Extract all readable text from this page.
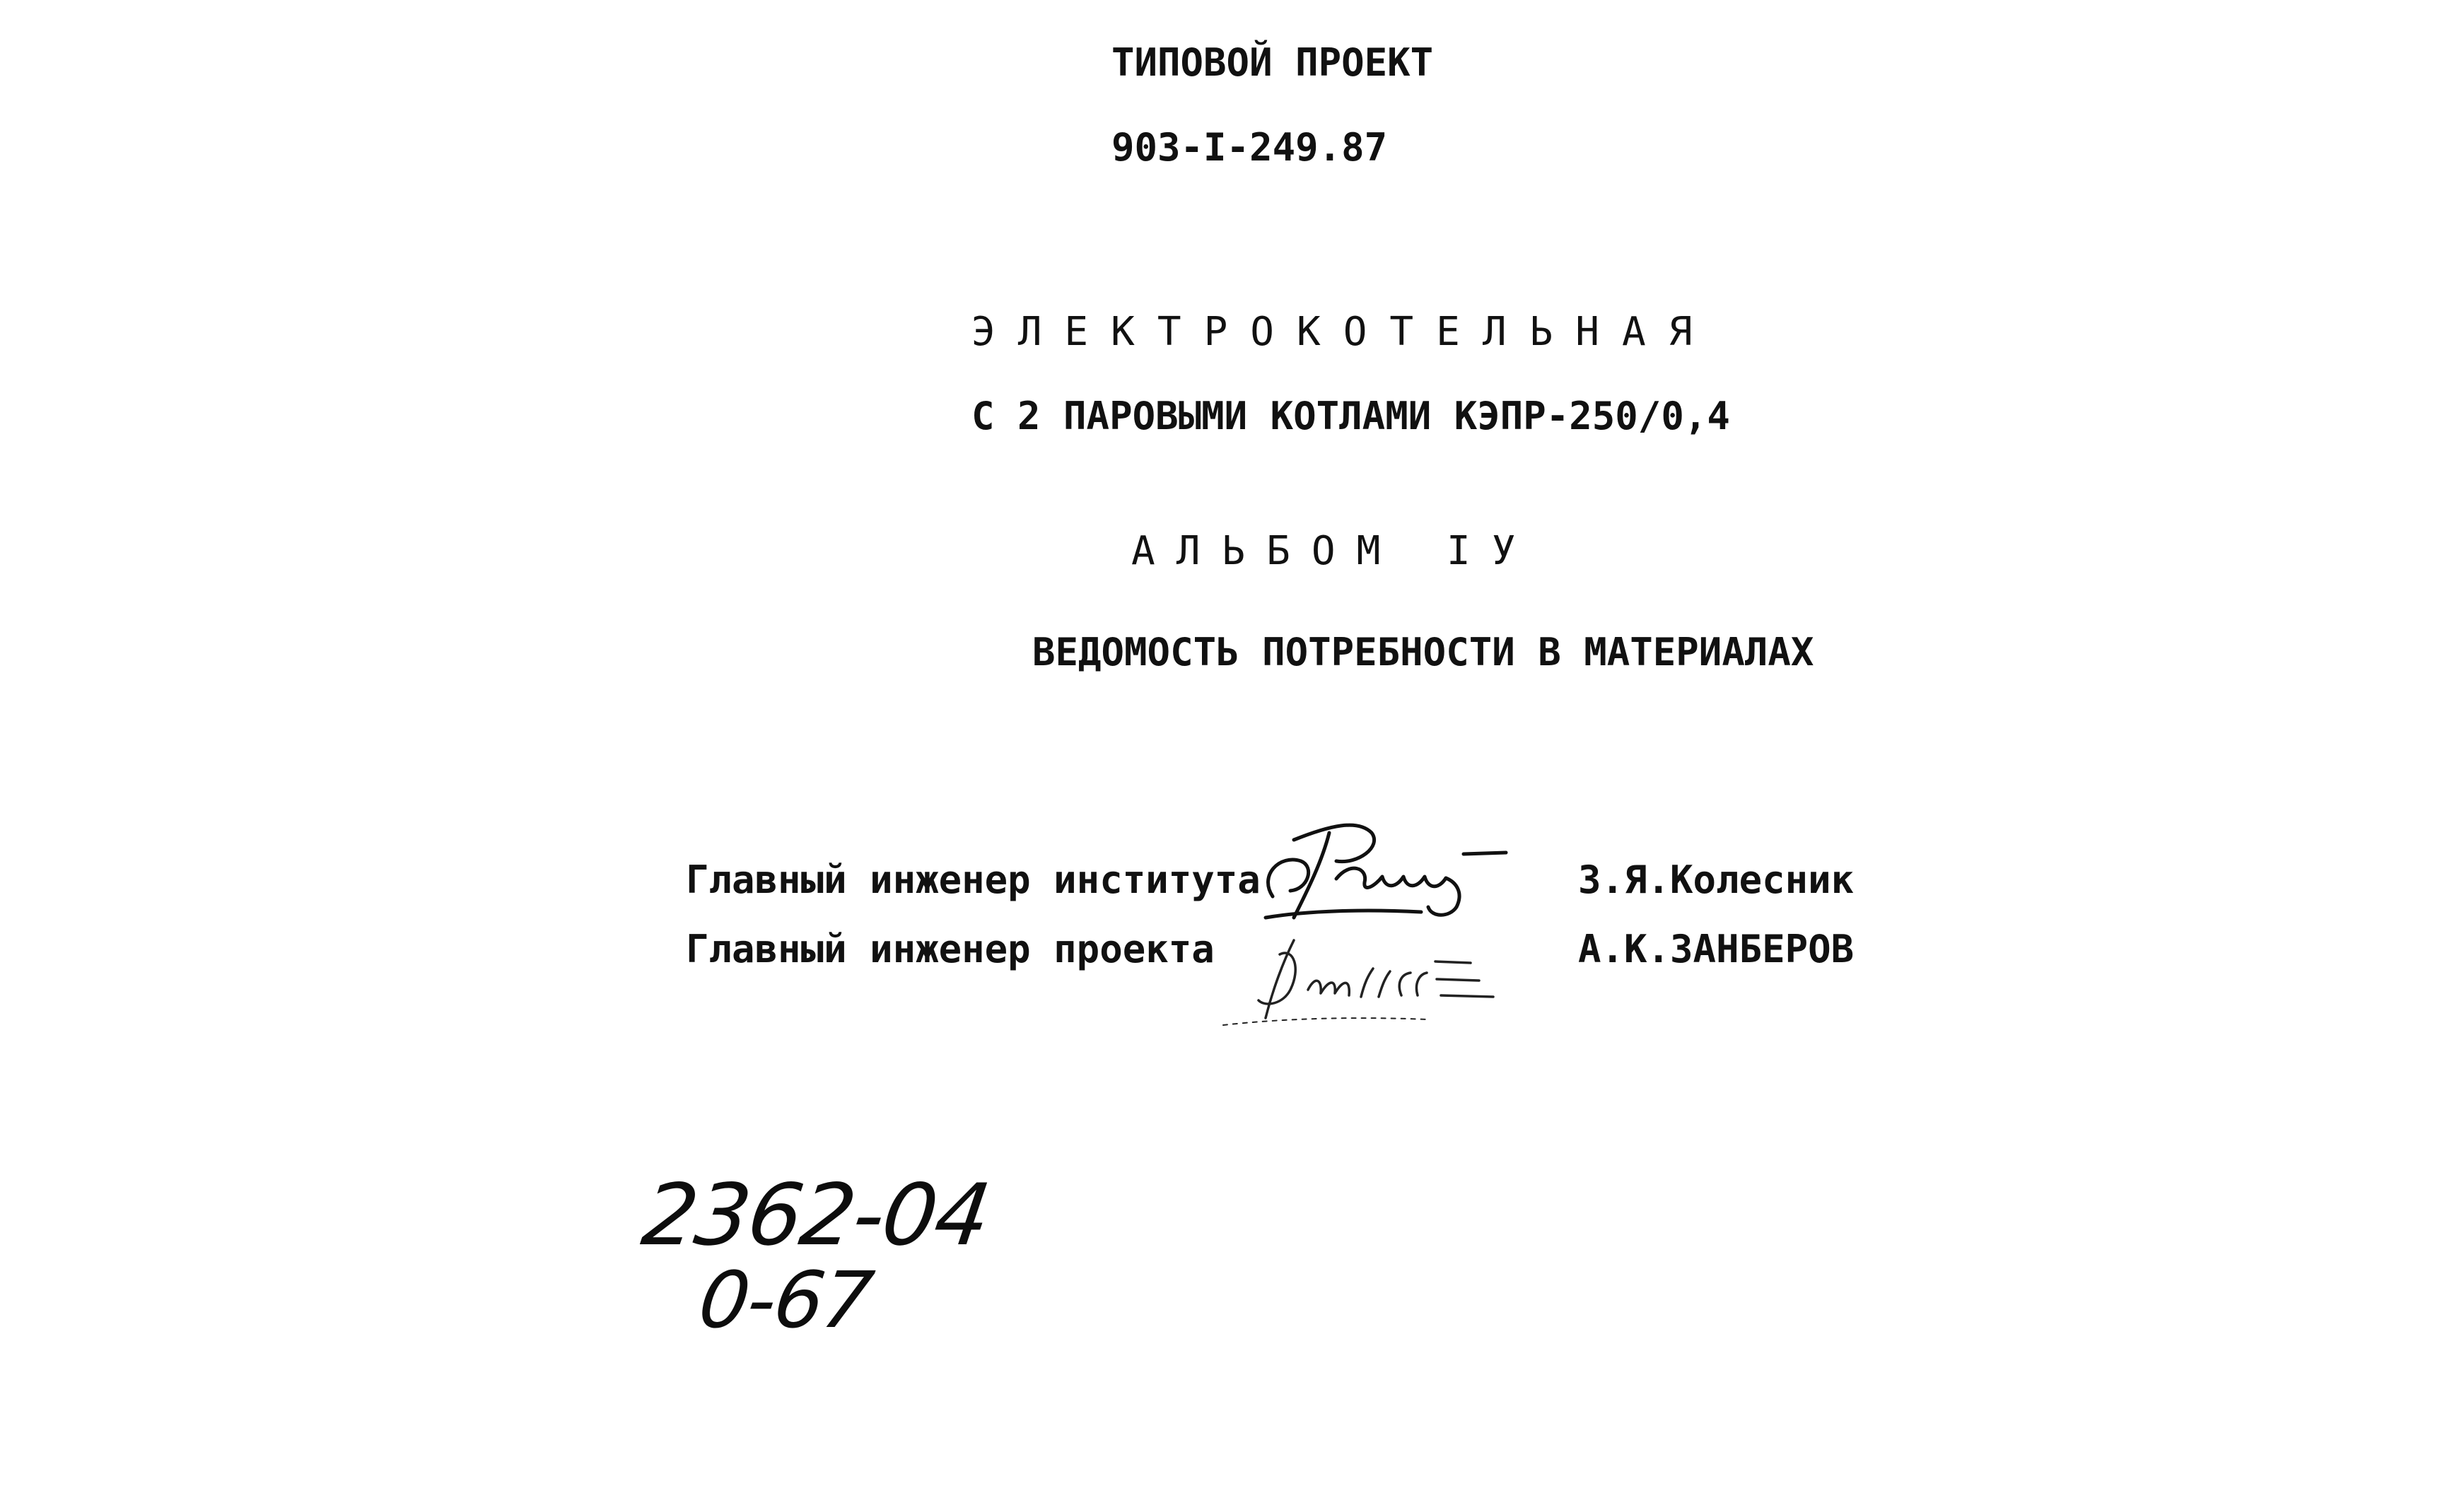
ТИПОВОЙ ПРОЕКТ
903-I-249.87
ЭЛЕКТРОКОТЕЛЬНАЯ
С 2 ПАРОВЫМИ КОТЛАМИ КЭПР-250/0,4
АЛЬБОМ IУ
ВЕДОМОСТЬ ПОТРЕБНОСТИ В МАТЕРИАЛАХ
Главный инженер института	З.Я.Колесник
Главный инженер проекта	А.К.ЗАНБЕРОВ
2362-04
0-67
